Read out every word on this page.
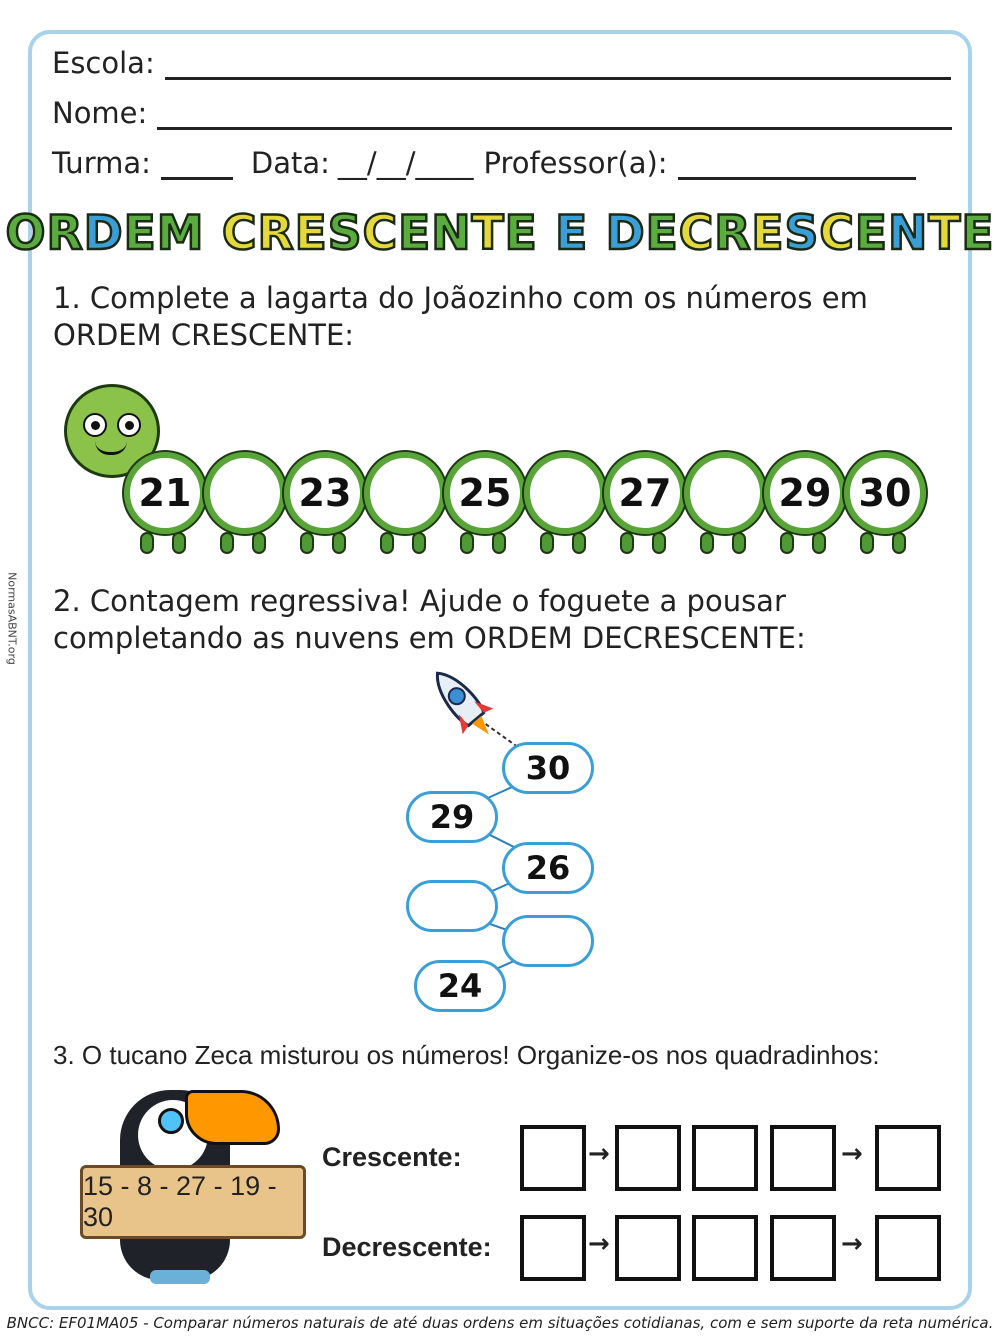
NormasABNT.org
Escola:
Nome:
Turma:	Data: __/__/____ Professor(a):
ORDEM CRESCENTE E DECRESCENTE
1. Complete a lagarta do Joãozinho com os números em ORDEM CRESCENTE:
21	23	25	27	29 30
2. Contagem regressiva! Ajude o foguete a pousar completando as nuvens em ORDEM DECRESCENTE:
30
29
26
24
3. O tucano Zeca misturou os números! Organize-os nos quadradinhos:
15 - 8 - 27 - 19 - 30
Crescente:
Decrescente:
→	→
→	→
BNCC: EF01MA05 - Comparar números naturais de até duas ordens em situações cotidianas, com e sem suporte da reta numérica.
